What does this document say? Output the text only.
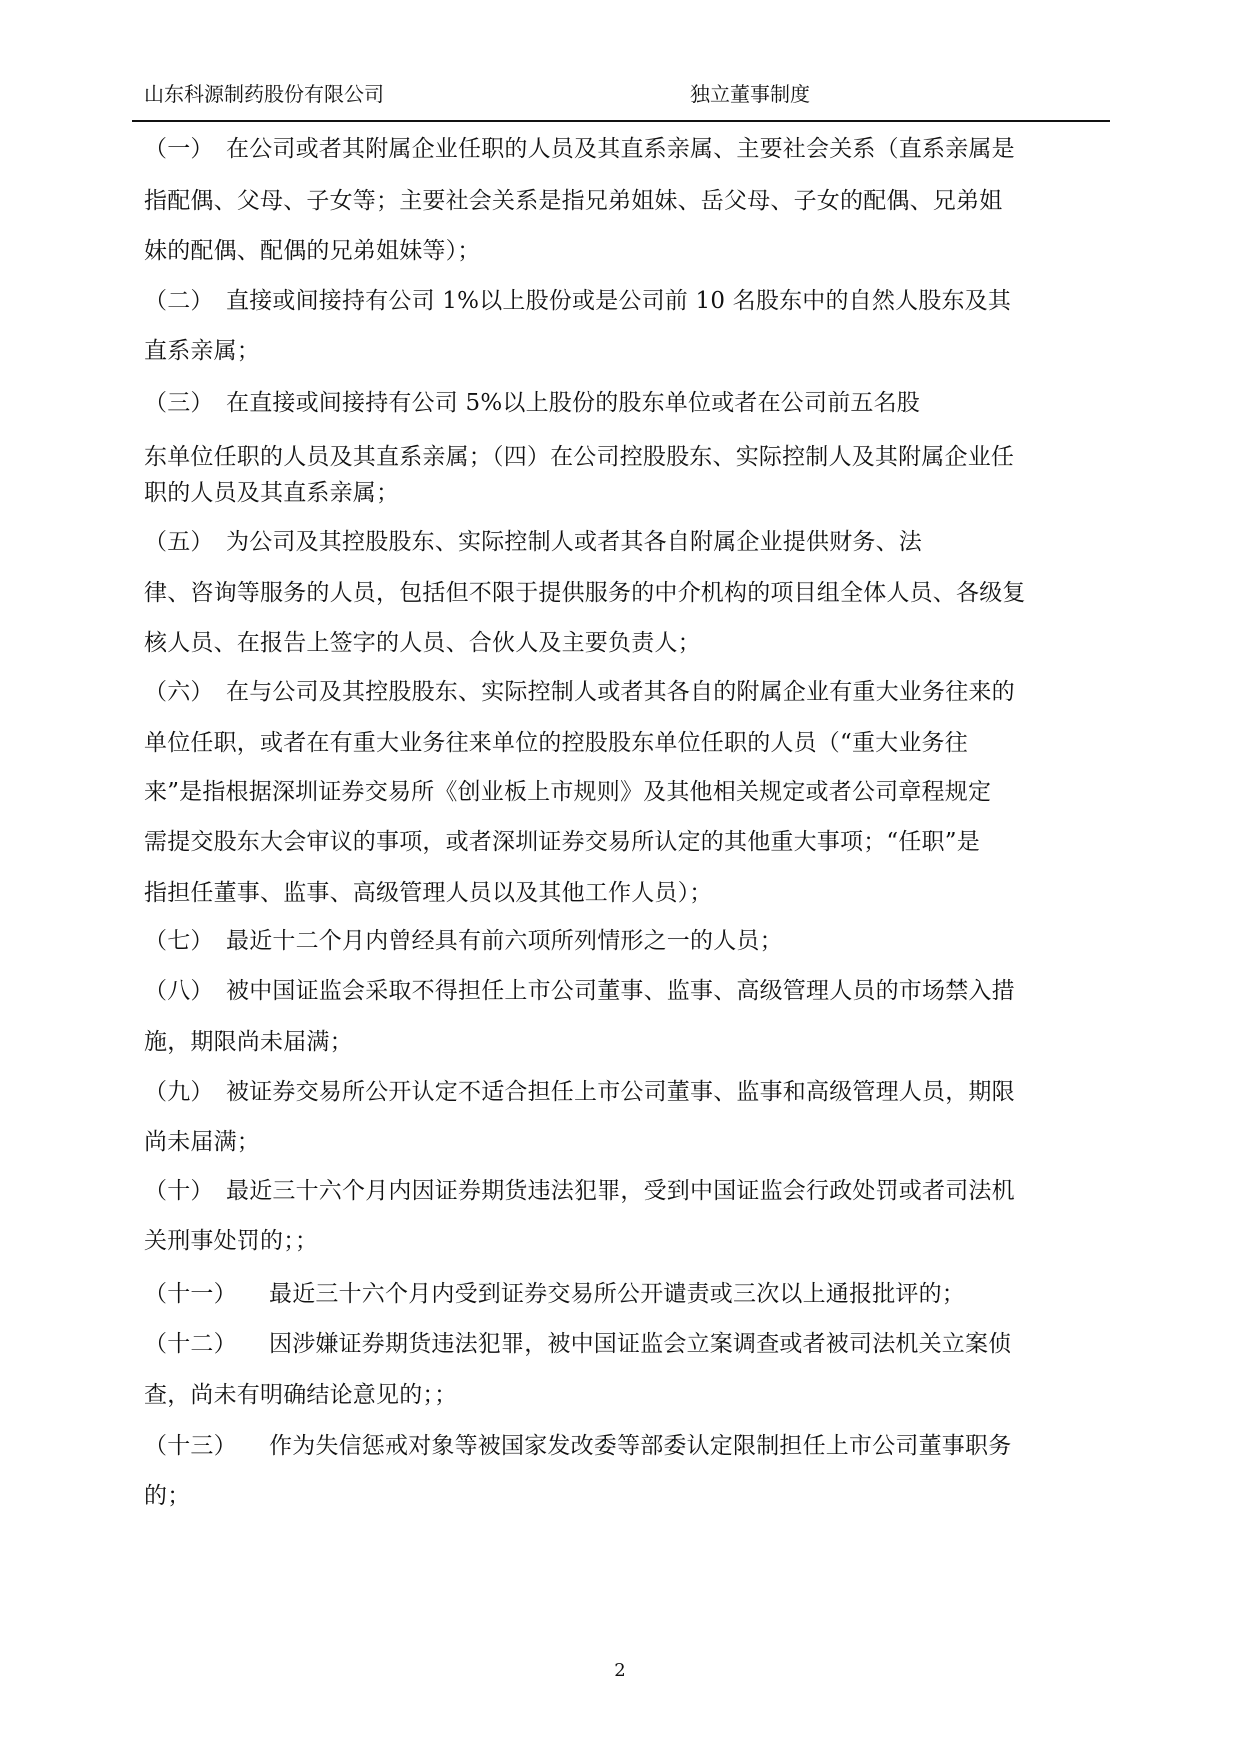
山东科源制药股份有限公司	独立董事制度
（一） 在公司或者其附属企业任职的人员及其直系亲属、主要社会关系（直系亲属是
指配偶、父母、子女等；主要社会关系是指兄弟姐妹、岳父母、子女的配偶、兄弟姐
妹的配偶、配偶的兄弟姐妹等）；
（二） 直接或间接持有公司 1%以上股份或是公司前 10 名股东中的自然人股东及其
直系亲属；
（三） 在直接或间接持有公司 5%以上股份的股东单位或者在公司前五名股
东单位任职的人员及其直系亲属；（四）在公司控股股东、实际控制人及其附属企业任
职的人员及其直系亲属；
（五） 为公司及其控股股东、实际控制人或者其各自附属企业提供财务、法
律、咨询等服务的人员，包括但不限于提供服务的中介机构的项目组全体人员、各级复
核人员、在报告上签字的人员、合伙人及主要负责人；
（六） 在与公司及其控股股东、实际控制人或者其各自的附属企业有重大业务往来的
单位任职，或者在有重大业务往来单位的控股股东单位任职的人员（“重大业务往
来”是指根据深圳证券交易所《创业板上市规则》及其他相关规定或者公司章程规定
需提交股东大会审议的事项，或者深圳证券交易所认定的其他重大事项；“任职”是
指担任董事、监事、高级管理人员以及其他工作人员）；
（七） 最近十二个月内曾经具有前六项所列情形之一的人员；
（八） 被中国证监会采取不得担任上市公司董事、监事、高级管理人员的市场禁入措
施，期限尚未届满；
（九） 被证券交易所公开认定不适合担任上市公司董事、监事和高级管理人员，期限
尚未届满；
（十） 最近三十六个月内因证券期货违法犯罪，受到中国证监会行政处罚或者司法机
关刑事处罚的；；
（十一） 最近三十六个月内受到证券交易所公开谴责或三次以上通报批评的；
（十二） 因涉嫌证券期货违法犯罪，被中国证监会立案调查或者被司法机关立案侦
查，尚未有明确结论意见的；；
（十三） 作为失信惩戒对象等被国家发改委等部委认定限制担任上市公司董事职务
的；
2
